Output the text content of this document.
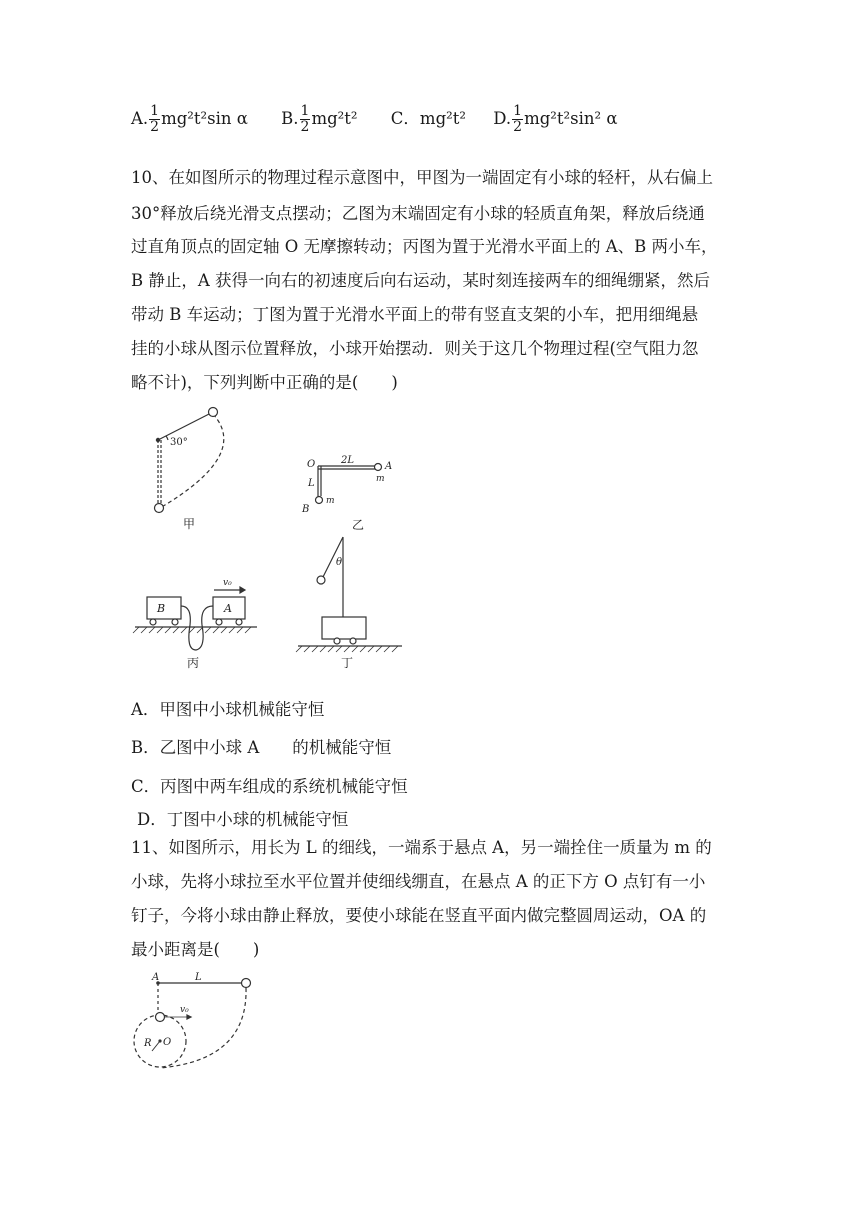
A. $\frac{1}{2} mg^2t^2\sin$ α B. $\frac{1}{2} mg^2t^2$ C．mg²t² D. $\frac{1}{2} mg^2t^2\sin^2$ α
10、在如图所示的物理过程示意图中，甲图为一端固定有小球的轻杆，从右偏上
30°释放后绕光滑支点摆动；乙图为末端固定有小球的轻质直角架，释放后绕通
过直角顶点的固定轴 O 无摩擦转动；丙图为置于光滑水平面上的 A、B 两小车，
B 静止，A 获得一向右的初速度后向右运动，某时刻连接两车的细绳绷紧，然后
带动 B 车运动；丁图为置于光滑水平面上的带有竖直支架的小车，把用细绳悬
挂的小球从图示位置释放，小球开始摆动．则关于这几个物理过程(空气阻力忽
略不计)，下列判断中正确的是(　　)
30°
甲
O	2L
A
m
L
m
B
乙
B	A
v₀
丙
θ
丁
A．甲图中小球机械能守恒
B．乙图中小球 A　　的机械能守恒
C．丙图中两车组成的系统机械能守恒
D．丁图中小球的机械能守恒
11、如图所示，用长为 L 的细线，一端系于悬点 A，另一端拴住一质量为 m 的
小球，先将小球拉至水平位置并使细线绷直，在悬点 A 的正下方 O 点钉有一小
钉子，今将小球由静止释放，要使小球能在竖直平面内做完整圆周运动，OA 的
最小距离是(　　)
A	L
v₀
R O
